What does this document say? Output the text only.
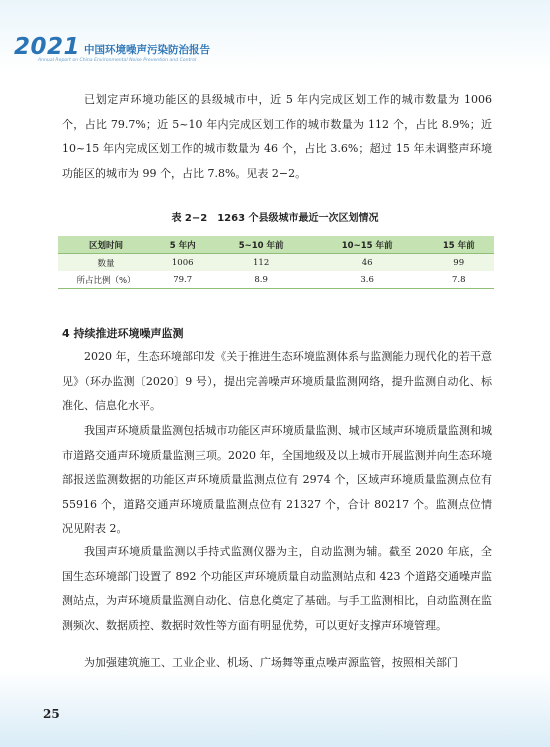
2021 中国环境噪声污染防治报告
Annual Report on China Environmental Noise Prevention and Control

已划定声环境功能区的县级城市中，近 5 年内完成区划工作的城市数量为 1006 个，占比 79.7%；近 5~10 年内完成区划工作的城市数量为 112 个，占比 8.9%；近 10~15 年内完成区划工作的城市数量为 46 个，占比 3.6%；超过 15 年未调整声环境功能区的城市为 99 个，占比 7.8%。见表 2−2。

表 2−2　1263 个县级城市最近一次区划情况
区划时间	5 年内	5~10 年前	10~15 年前	15 年前
数量	1006	112	46	99
所占比例（%）	79.7	8.9	3.6	7.8
4 持续推进环境噪声监测

2020 年，生态环境部印发《关于推进生态环境监测体系与监测能力现代化的若干意见》（环办监测〔2020〕9 号），提出完善噪声环境质量监测网络，提升监测自动化、标准化、信息化水平。

我国声环境质量监测包括城市功能区声环境质量监测、城市区域声环境质量监测和城市道路交通声环境质量监测三项。2020 年，全国地级及以上城市开展监测并向生态环境部报送监测数据的功能区声环境质量监测点位有 2974 个，区域声环境质量监测点位有 55916 个，道路交通声环境质量监测点位有 21327 个，合计 80217 个。监测点位情况见附表 2。

我国声环境质量监测以手持式监测仪器为主，自动监测为辅。截至 2020 年底，全国生态环境部门设置了 892 个功能区声环境质量自动监测站点和 423 个道路交通噪声监测站点，为声环境质量监测自动化、信息化奠定了基础。与手工监测相比，自动监测在监测频次、数据质控、数据时效性等方面有明显优势，可以更好支撑声环境管理。

为加强建筑施工、工业企业、机场、广场舞等重点噪声源监管，按照相关部门

25
